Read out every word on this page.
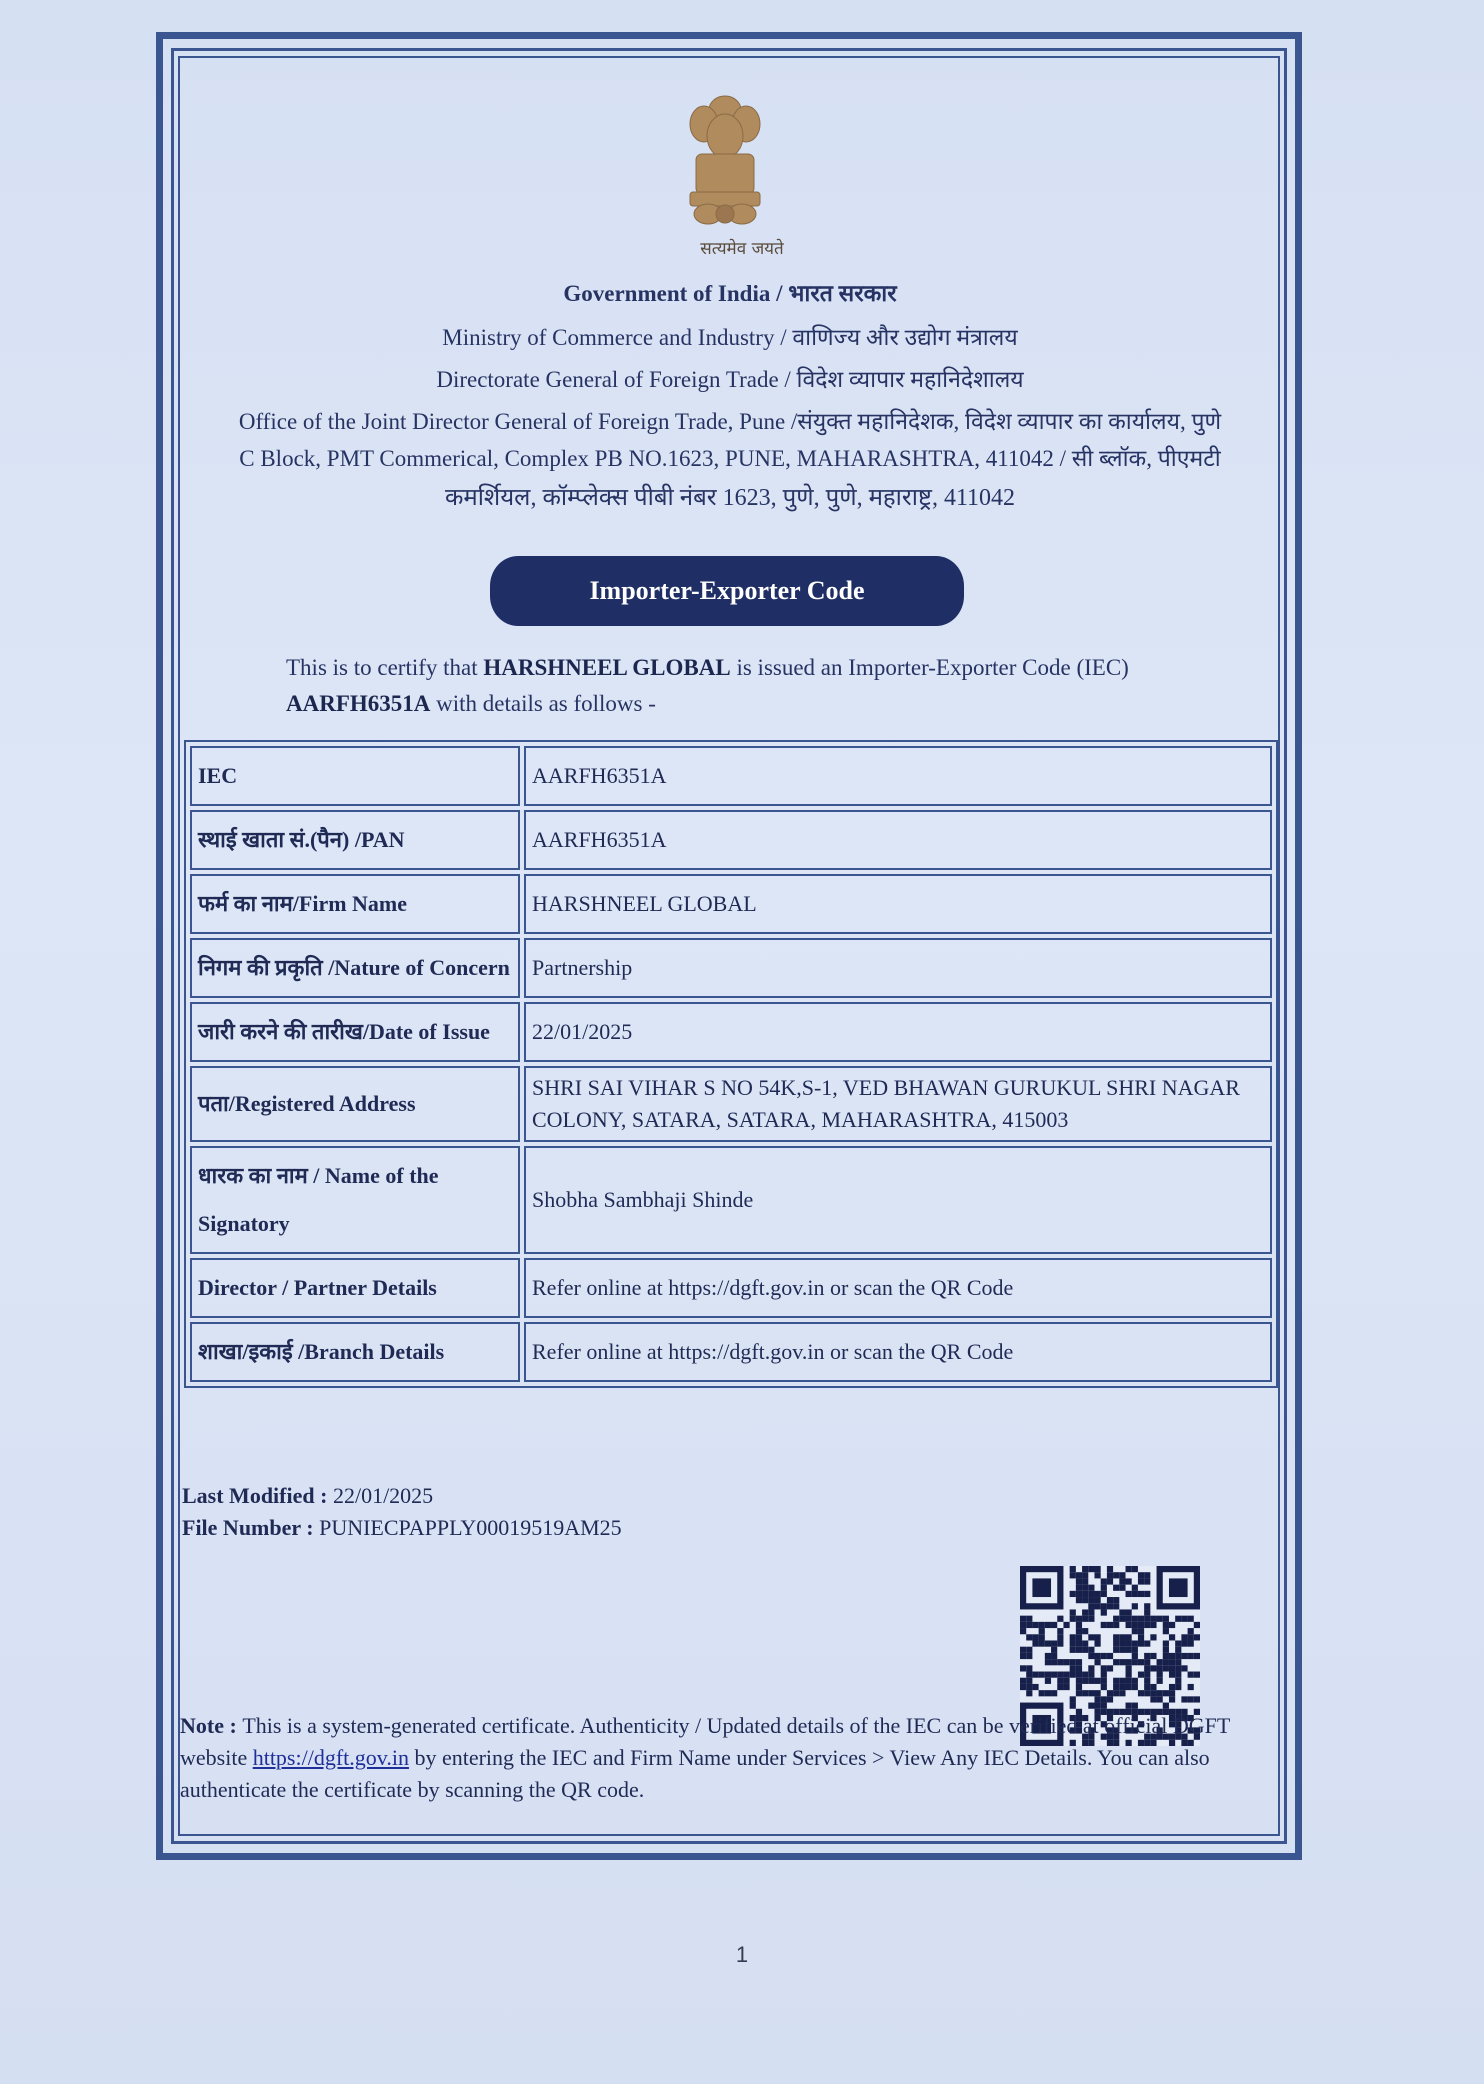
सत्यमेव जयते
Government of India / भारत सरकार
Ministry of Commerce and Industry / वाणिज्य और उद्योग मंत्रालय
Directorate General of Foreign Trade / विदेश व्यापार महानिदेशालय
Office of the Joint Director General of Foreign Trade, Pune /संयुक्त महानिदेशक, विदेश व्यापार का कार्यालय, पुणे
C Block, PMT Commerical, Complex PB NO.1623, PUNE, MAHARASHTRA, 411042 / सी ब्लॉक, पीएमटी
कमर्शियल, कॉम्प्लेक्स पीबी नंबर 1623, पुणे, पुणे, महाराष्ट्र, 411042
Importer-Exporter Code
This is to certify that HARSHNEEL GLOBAL is issued an Importer-Exporter Code (IEC) AARFH6351A with details as follows -
IEC	AARFH6351A
स्थाई खाता सं.(पैन) /PAN	AARFH6351A
फर्म का नाम/Firm Name	HARSHNEEL GLOBAL
निगम की प्रकृति /Nature of Concern	Partnership
जारी करने की तारीख/Date of Issue	22/01/2025
पता/Registered Address	SHRI SAI VIHAR S NO 54K,S-1, VED BHAWAN GURUKUL SHRI NAGAR COLONY, SATARA, SATARA, MAHARASHTRA, 415003
धारक का नाम / Name of the Signatory	Shobha Sambhaji Shinde
Director / Partner Details	Refer online at https://dgft.gov.in or scan the QR Code
शाखा/इकाई /Branch Details	Refer online at https://dgft.gov.in or scan the QR Code
Last Modified : 22/01/2025
File Number : PUNIECPAPPLY00019519AM25
Note : This is a system-generated certificate. Authenticity / Updated details of the IEC can be verified at official DGFT website https://dgft.gov.in by entering the IEC and Firm Name under Services > View Any IEC Details. You can also authenticate the certificate by scanning the QR code.
1
